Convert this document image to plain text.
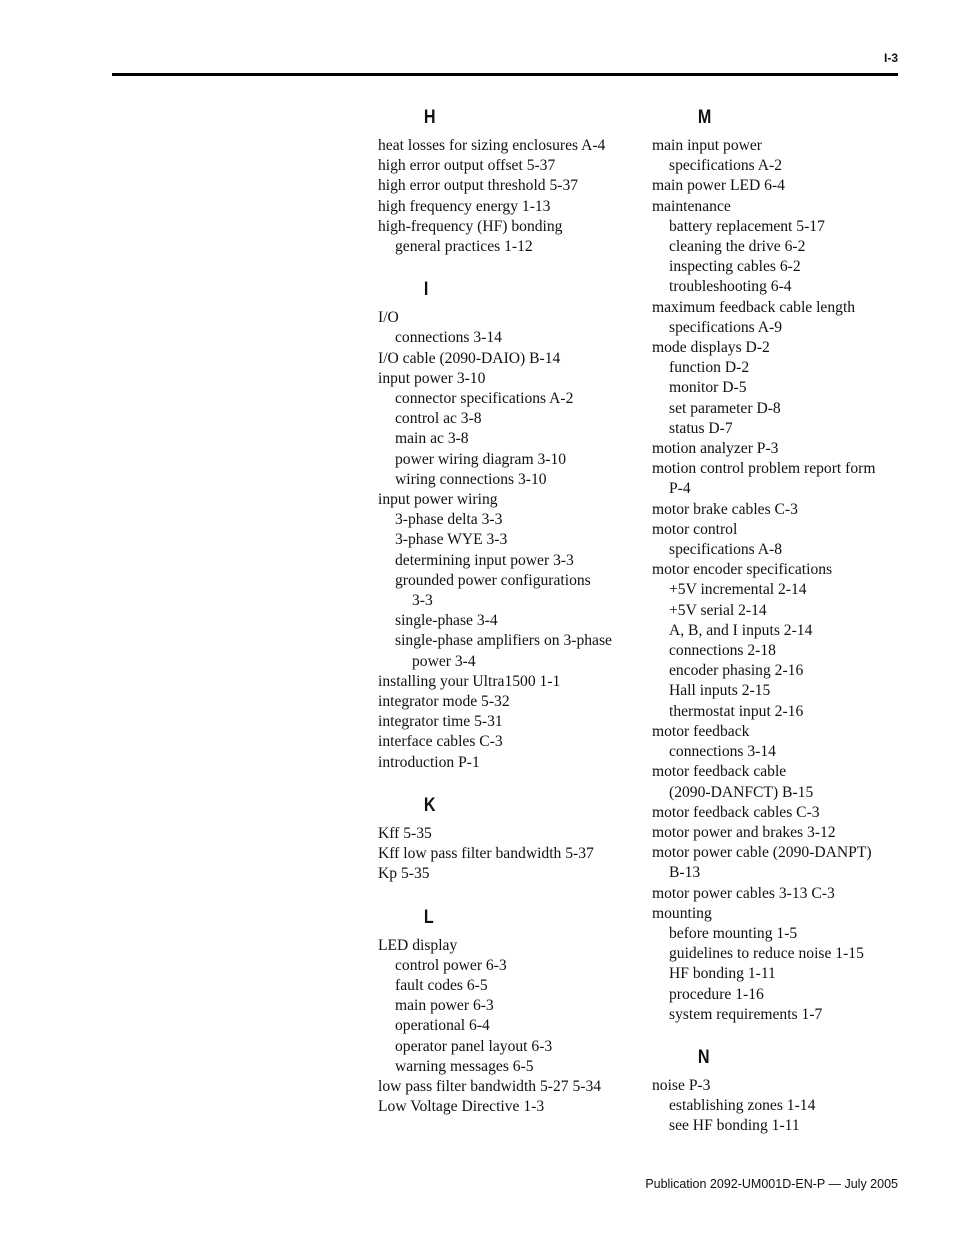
I-3
H
heat losses for sizing enclosures A-4
high error output offset 5-37
high error output threshold 5-37
high frequency energy 1-13
high-frequency (HF) bonding
general practices 1-12
I
I/O
connections 3-14
I/O cable (2090-DAIO) B-14
input power 3-10
connector specifications A-2
control ac 3-8
main ac 3-8
power wiring diagram 3-10
wiring connections 3-10
input power wiring
3-phase delta 3-3
3-phase WYE 3-3
determining input power 3-3
grounded power configurations
3-3
single-phase 3-4
single-phase amplifiers on 3-phase
power 3-4
installing your Ultra1500 1-1
integrator mode 5-32
integrator time 5-31
interface cables C-3
introduction P-1
K
Kff 5-35
Kff low pass filter bandwidth 5-37
Kp 5-35
L
LED display
control power 6-3
fault codes 6-5
main power 6-3
operational 6-4
operator panel layout 6-3
warning messages 6-5
low pass filter bandwidth 5-27 5-34
Low Voltage Directive 1-3
M
main input power
specifications A-2
main power LED 6-4
maintenance
battery replacement 5-17
cleaning the drive 6-2
inspecting cables 6-2
troubleshooting 6-4
maximum feedback cable length
specifications A-9
mode displays D-2
function D-2
monitor D-5
set parameter D-8
status D-7
motion analyzer P-3
motion control problem report form
P-4
motor brake cables C-3
motor control
specifications A-8
motor encoder specifications
+5V incremental 2-14
+5V serial 2-14
A, B, and I inputs 2-14
connections 2-18
encoder phasing 2-16
Hall inputs 2-15
thermostat input 2-16
motor feedback
connections 3-14
motor feedback cable
(2090-DANFCT) B-15
motor feedback cables C-3
motor power and brakes 3-12
motor power cable (2090-DANPT)
B-13
motor power cables 3-13 C-3
mounting
before mounting 1-5
guidelines to reduce noise 1-15
HF bonding 1-11
procedure 1-16
system requirements 1-7
N
noise P-3
establishing zones 1-14
see HF bonding 1-11
Publication 2092-UM001D-EN-P — July 2005
